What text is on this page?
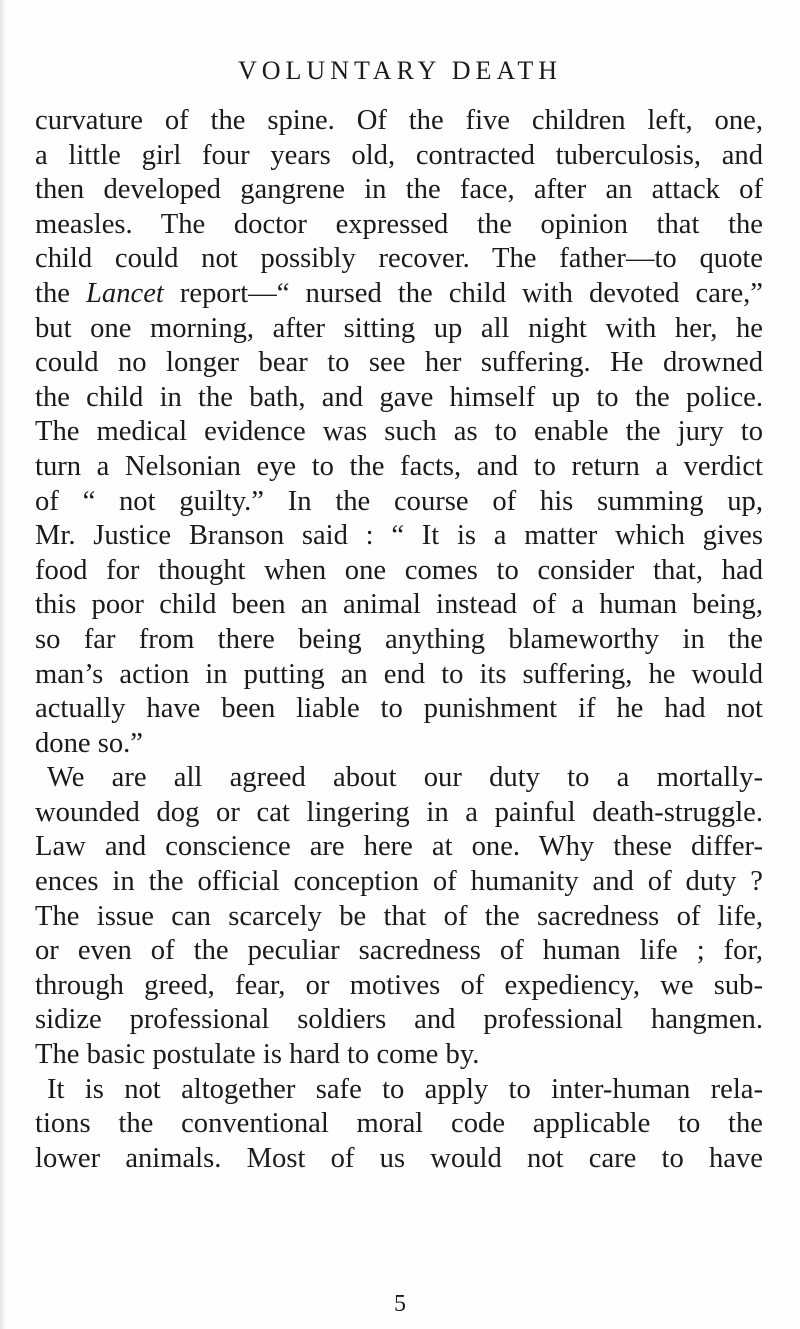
VOLUNTARY DEATH
curvature of the spine. Of the five children left, one,
a little girl four years old, contracted tuberculosis, and
then developed gangrene in the face, after an attack of
measles. The doctor expressed the opinion that the
child could not possibly recover. The father—to quote
the Lancet report—“ nursed the child with devoted care,”
but one morning, after sitting up all night with her, he
could no longer bear to see her suffering. He drowned
the child in the bath, and gave himself up to the police.
The medical evidence was such as to enable the jury to
turn a Nelsonian eye to the facts, and to return a verdict
of “ not guilty.” In the course of his summing up,
Mr. Justice Branson said : “ It is a matter which gives
food for thought when one comes to consider that, had
this poor child been an animal instead of a human being,
so far from there being anything blameworthy in the
man’s action in putting an end to its suffering, he would
actually have been liable to punishment if he had not
done so.”
We are all agreed about our duty to a mortally-
wounded dog or cat lingering in a painful death-struggle.
Law and conscience are here at one. Why these differ-
ences in the official conception of humanity and of duty ?
The issue can scarcely be that of the sacredness of life,
or even of the peculiar sacredness of human life ; for,
through greed, fear, or motives of expediency, we sub-
sidize professional soldiers and professional hangmen.
The basic postulate is hard to come by.
It is not altogether safe to apply to inter-human rela-
tions the conventional moral code applicable to the
lower animals. Most of us would not care to have
5
